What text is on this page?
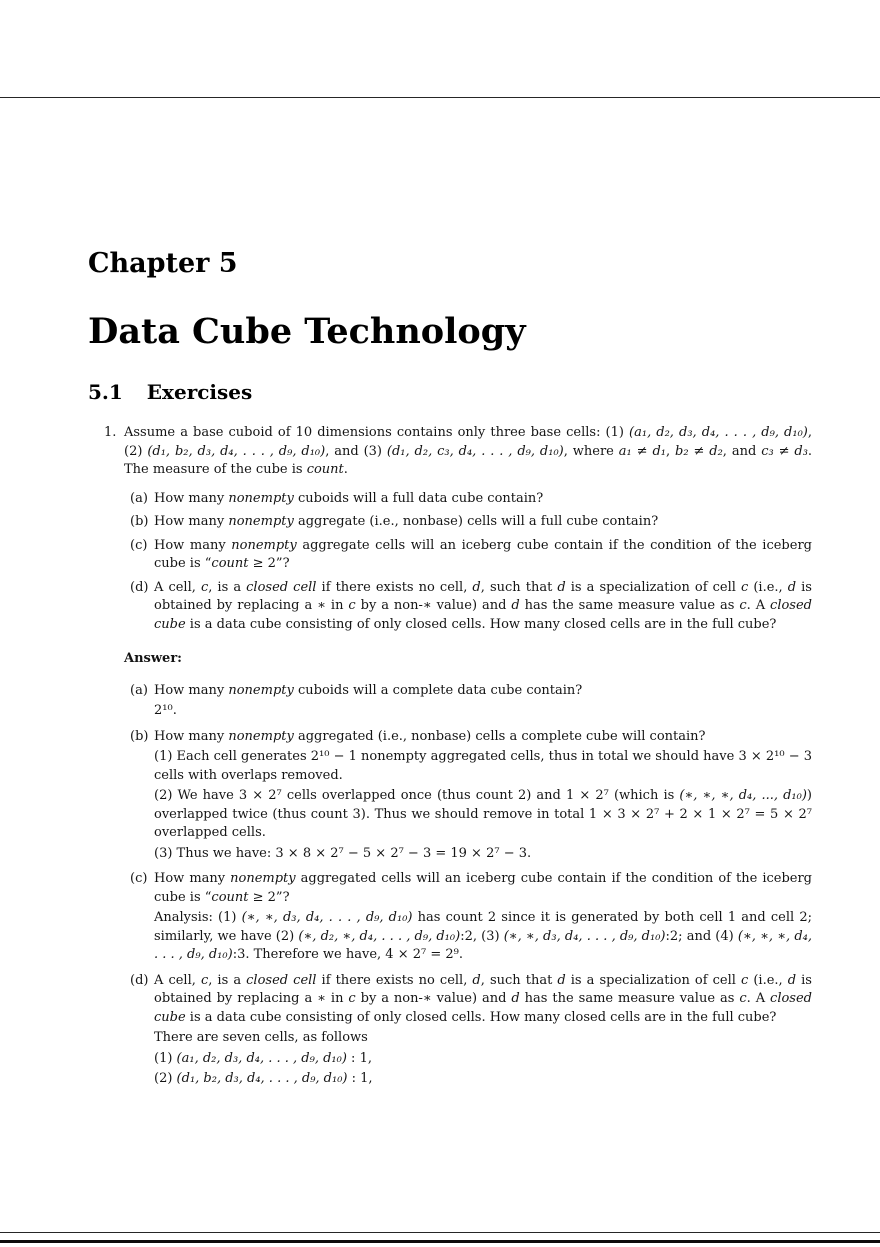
Chapter 5
Data Cube Technology
5.1 Exercises
1. Assume a base cuboid of 10 dimensions contains only three base cells: (1) (a₁, d₂, d₃, d₄, . . . , d₉, d₁₀), (2) (d₁, b₂, d₃, d₄, . . . , d₉, d₁₀), and (3) (d₁, d₂, c₃, d₄, . . . , d₉, d₁₀), where a₁ ≠ d₁, b₂ ≠ d₂, and c₃ ≠ d₃. The measure of the cube is count.

(a) How many nonempty cuboids will a full data cube contain?

(b) How many nonempty aggregate (i.e., nonbase) cells will a full cube contain?

(c) How many nonempty aggregate cells will an iceberg cube contain if the condition of the iceberg cube is “count ≥ 2”?

(d) A cell, c, is a closed cell if there exists no cell, d, such that d is a specialization of cell c (i.e., d is obtained by replacing a ∗ in c by a non-∗ value) and d has the same measure value as c. A closed cube is a data cube consisting of only closed cells. How many closed cells are in the full cube?

Answer:

(a) How many nonempty cuboids will a complete data cube contain?

2¹⁰.

(b) How many nonempty aggregated (i.e., nonbase) cells a complete cube will contain?

(1) Each cell generates 2¹⁰ − 1 nonempty aggregated cells, thus in total we should have 3 × 2¹⁰ − 3 cells with overlaps removed.

(2) We have 3 × 2⁷ cells overlapped once (thus count 2) and 1 × 2⁷ (which is (∗, ∗, ∗, d₄, ..., d₁₀)) overlapped twice (thus count 3). Thus we should remove in total 1 × 3 × 2⁷ + 2 × 1 × 2⁷ = 5 × 2⁷ overlapped cells.

(3) Thus we have: 3 × 8 × 2⁷ − 5 × 2⁷ − 3 = 19 × 2⁷ − 3.

(c) How many nonempty aggregated cells will an iceberg cube contain if the condition of the iceberg cube is “count ≥ 2”?

Analysis: (1) (∗, ∗, d₃, d₄, . . . , d₉, d₁₀) has count 2 since it is generated by both cell 1 and cell 2; similarly, we have (2) (∗, d₂, ∗, d₄, . . . , d₉, d₁₀):2, (3) (∗, ∗, d₃, d₄, . . . , d₉, d₁₀):2; and (4) (∗, ∗, ∗, d₄, . . . , d₉, d₁₀):3. Therefore we have, 4 × 2⁷ = 2⁹.

(d) A cell, c, is a closed cell if there exists no cell, d, such that d is a specialization of cell c (i.e., d is obtained by replacing a ∗ in c by a non-∗ value) and d has the same measure value as c. A closed cube is a data cube consisting of only closed cells. How many closed cells are in the full cube?

There are seven cells, as follows

(1) (a₁, d₂, d₃, d₄, . . . , d₉, d₁₀) : 1,

(2) (d₁, b₂, d₃, d₄, . . . , d₉, d₁₀) : 1,
